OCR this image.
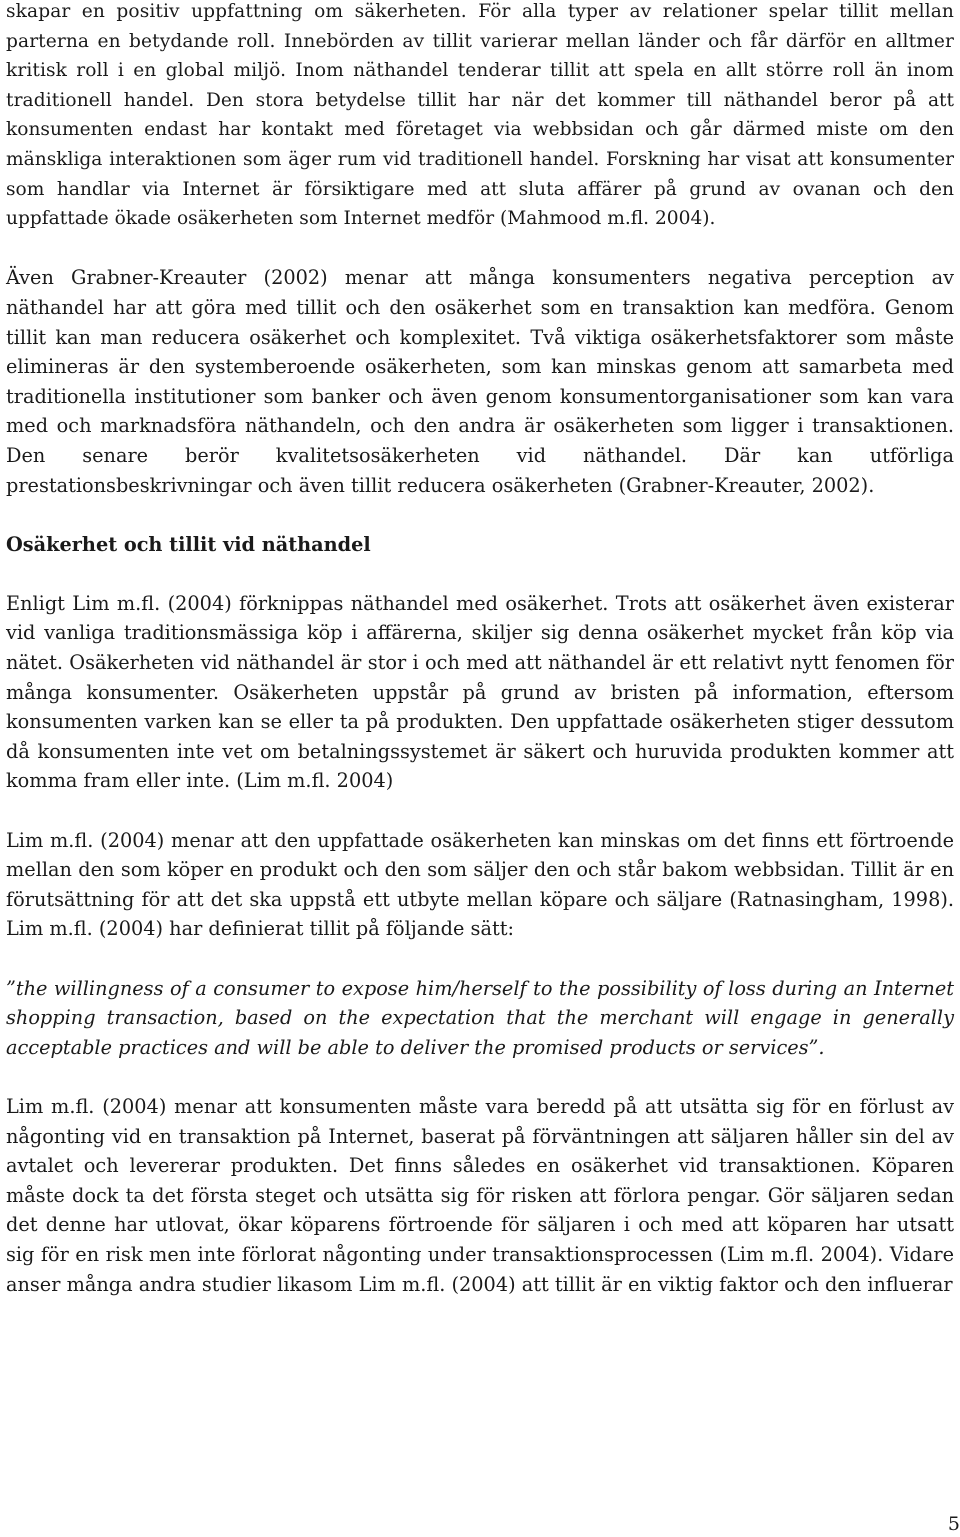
skapar en positiv uppfattning om säkerheten. För alla typer av relationer spelar tillit mellan parterna en betydande roll. Innebörden av tillit varierar mellan länder och får därför en alltmer kritisk roll i en global miljö. Inom näthandel tenderar tillit att spela en allt större roll än inom traditionell handel. Den stora betydelse tillit har när det kommer till näthandel beror på att konsumenten endast har kontakt med företaget via webbsidan och går därmed miste om den mänskliga interaktionen som äger rum vid traditionell handel. Forskning har visat att konsumenter som handlar via Internet är försiktigare med att sluta affärer på grund av ovanan och den uppfattade ökade osäkerheten som Internet medför (Mahmood m.fl. 2004).

Även Grabner-Kreauter (2002) menar att många konsumenters negativa perception av näthandel har att göra med tillit och den osäkerhet som en transaktion kan medföra. Genom tillit kan man reducera osäkerhet och komplexitet. Två viktiga osäkerhetsfaktorer som måste elimineras är den systemberoende osäkerheten, som kan minskas genom att samarbeta med traditionella institutioner som banker och även genom konsumentorganisationer som kan vara med och marknadsföra näthandeln, och den andra är osäkerheten som ligger i transaktionen. Den senare berör kvalitetsosäkerheten vid näthandel. Där kan utförliga prestationsbeskrivningar och även tillit reducera osäkerheten (Grabner-Kreauter, 2002).

Osäkerhet och tillit vid näthandel

Enligt Lim m.fl. (2004) förknippas näthandel med osäkerhet. Trots att osäkerhet även existerar vid vanliga traditionsmässiga köp i affärerna, skiljer sig denna osäkerhet mycket från köp via nätet. Osäkerheten vid näthandel är stor i och med att näthandel är ett relativt nytt fenomen för många konsumenter. Osäkerheten uppstår på grund av bristen på information, eftersom konsumenten varken kan se eller ta på produkten. Den uppfattade osäkerheten stiger dessutom då konsumenten inte vet om betalningssystemet är säkert och huruvida produkten kommer att komma fram eller inte. (Lim m.fl. 2004)

Lim m.fl. (2004) menar att den uppfattade osäkerheten kan minskas om det finns ett förtroende mellan den som köper en produkt och den som säljer den och står bakom webbsidan. Tillit är en förutsättning för att det ska uppstå ett utbyte mellan köpare och säljare (Ratnasingham, 1998). Lim m.fl. (2004) har definierat tillit på följande sätt:

”the willingness of a consumer to expose him/herself to the possibility of loss during an Internet shopping transaction, based on the expectation that the merchant will engage in generally acceptable practices and will be able to deliver the promised products or services”.

Lim m.fl. (2004) menar att konsumenten måste vara beredd på att utsätta sig för en förlust av någonting vid en transaktion på Internet, baserat på förväntningen att säljaren håller sin del av avtalet och levererar produkten. Det finns således en osäkerhet vid transaktionen. Köparen måste dock ta det första steget och utsätta sig för risken att förlora pengar. Gör säljaren sedan det denne har utlovat, ökar köparens förtroende för säljaren i och med att köparen har utsatt sig för en risk men inte förlorat någonting under transaktionsprocessen (Lim m.fl. 2004). Vidare anser många andra studier likasom Lim m.fl. (2004) att tillit är en viktig faktor och den influerar

5
